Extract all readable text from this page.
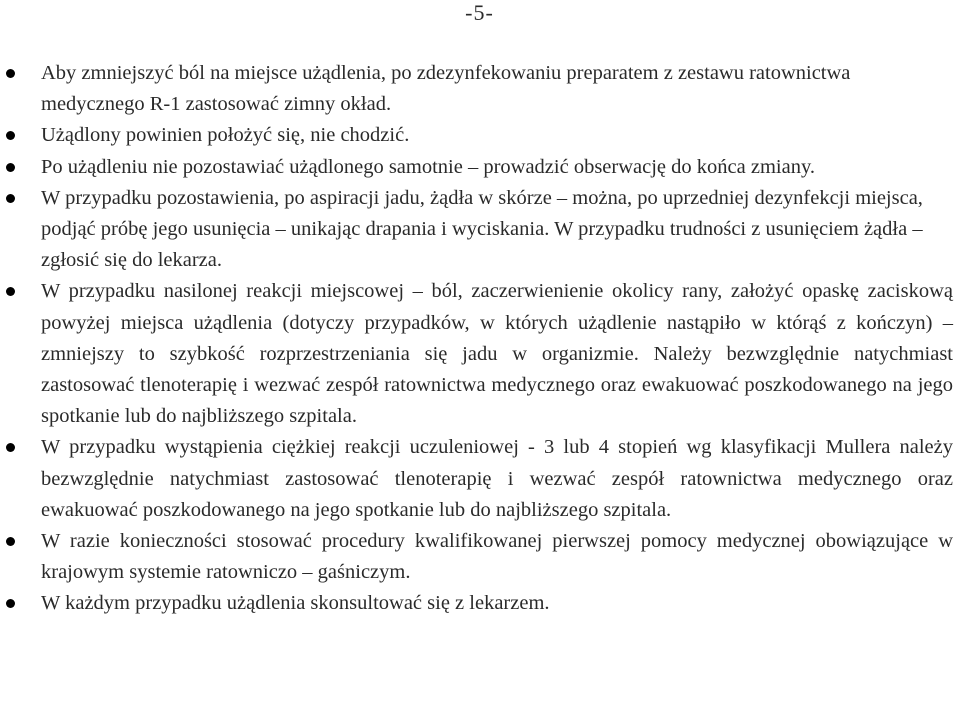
-5-
Aby zmniejszyć ból na miejsce użądlenia, po zdezynfekowaniu preparatem z zestawu ratownictwa medycznego R-1 zastosować zimny okład.
Użądlony powinien położyć się, nie chodzić.
Po użądleniu nie pozostawiać użądlonego samotnie – prowadzić obserwację do końca zmiany.
W przypadku pozostawienia, po aspiracji jadu, żądła w skórze – można, po uprzedniej dezynfekcji miejsca, podjąć próbę jego usunięcia – unikając drapania i wyciskania. W przypadku trudności z usunięciem żądła – zgłosić się do lekarza.
W przypadku nasilonej reakcji miejscowej – ból, zaczerwienienie okolicy rany, założyć opaskę zaciskową powyżej miejsca użądlenia (dotyczy przypadków, w których użądlenie nastąpiło w którąś z kończyn) – zmniejszy to szybkość rozprzestrzeniania się jadu w organizmie. Należy bezwzględnie natychmiast zastosować tlenoterapię i wezwać zespół ratownictwa medycznego oraz ewakuować poszkodowanego na jego spotkanie lub do najbliższego szpitala.
W przypadku wystąpienia ciężkiej reakcji uczuleniowej - 3 lub 4 stopień wg klasyfikacji Mullera należy bezwzględnie natychmiast zastosować tlenoterapię i wezwać zespół ratownictwa medycznego oraz ewakuować poszkodowanego na jego spotkanie lub do najbliższego szpitala.
W razie konieczności stosować procedury kwalifikowanej pierwszej pomocy medycznej obowiązujące w krajowym systemie ratowniczo – gaśniczym.
W każdym przypadku użądlenia skonsultować się z lekarzem.
